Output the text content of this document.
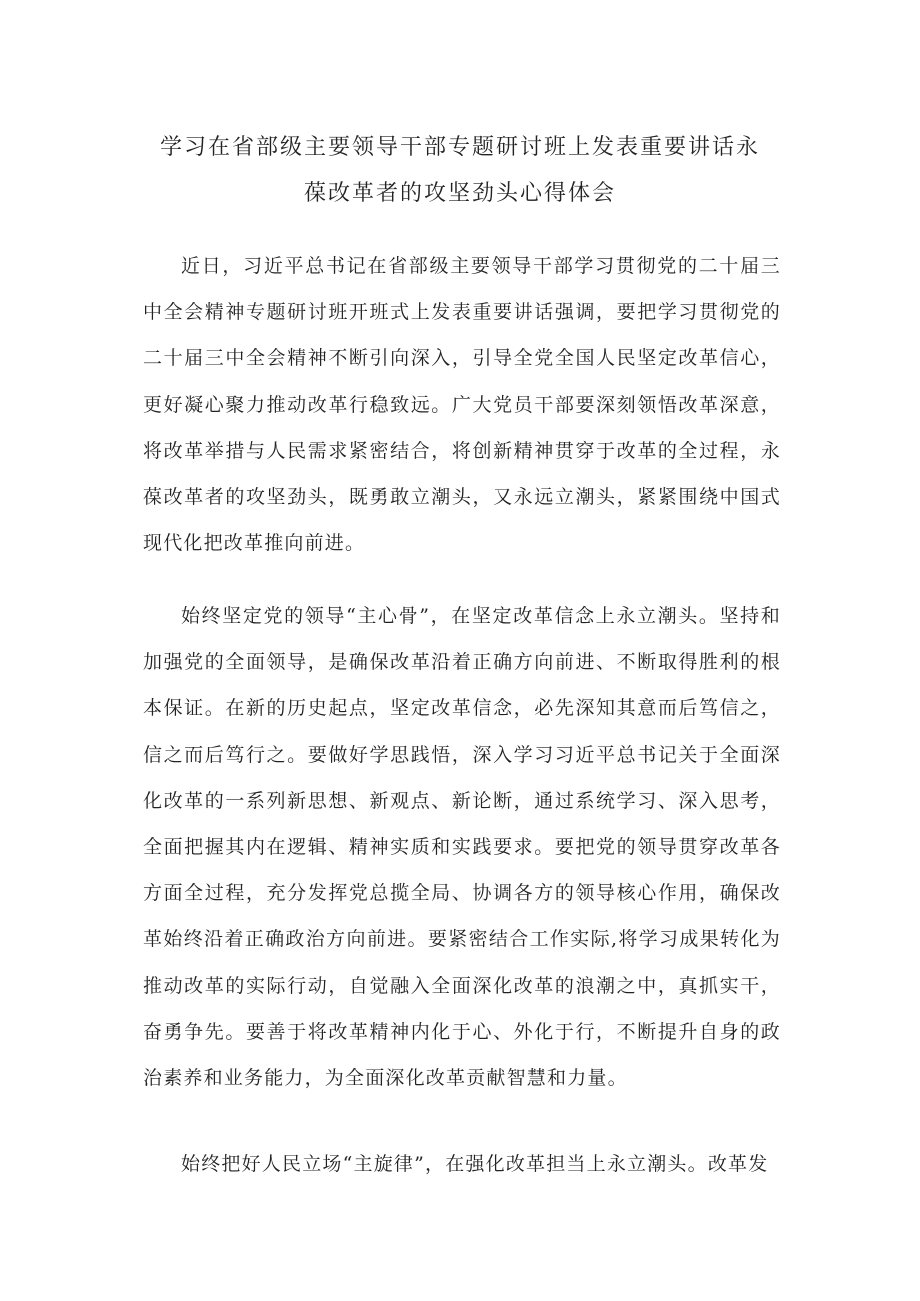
学习在省部级主要领导干部专题研讨班上发表重要讲话永
葆改革者的攻坚劲头心得体会

近日，习近平总书记在省部级主要领导干部学习贯彻党的二十届三中全会精神专题研讨班开班式上发表重要讲话强调，要把学习贯彻党的二十届三中全会精神不断引向深入，引导全党全国人民坚定改革信心，更好凝心聚力推动改革行稳致远。广大党员干部要深刻领悟改革深意，将改革举措与人民需求紧密结合，将创新精神贯穿于改革的全过程，永葆改革者的攻坚劲头，既勇敢立潮头，又永远立潮头，紧紧围绕中国式现代化把改革推向前进。

始终坚定党的领导“主心骨”，在坚定改革信念上永立潮头。坚持和加强党的全面领导，是确保改革沿着正确方向前进、不断取得胜利的根本保证。在新的历史起点，坚定改革信念，必先深知其意而后笃信之，信之而后笃行之。要做好学思践悟，深入学习习近平总书记关于全面深化改革的一系列新思想、新观点、新论断，通过系统学习、深入思考，全面把握其内在逻辑、精神实质和实践要求。要把党的领导贯穿改革各方面全过程，充分发挥党总揽全局、协调各方的领导核心作用，确保改革始终沿着正确政治方向前进。要紧密结合工作实际,将学习成果转化为推动改革的实际行动，自觉融入全面深化改革的浪潮之中，真抓实干，奋勇争先。要善于将改革精神内化于心、外化于行，不断提升自身的政治素养和业务能力，为全面深化改革贡献智慧和力量。

始终把好人民立场“主旋律”，在强化改革担当上永立潮头。改革发
